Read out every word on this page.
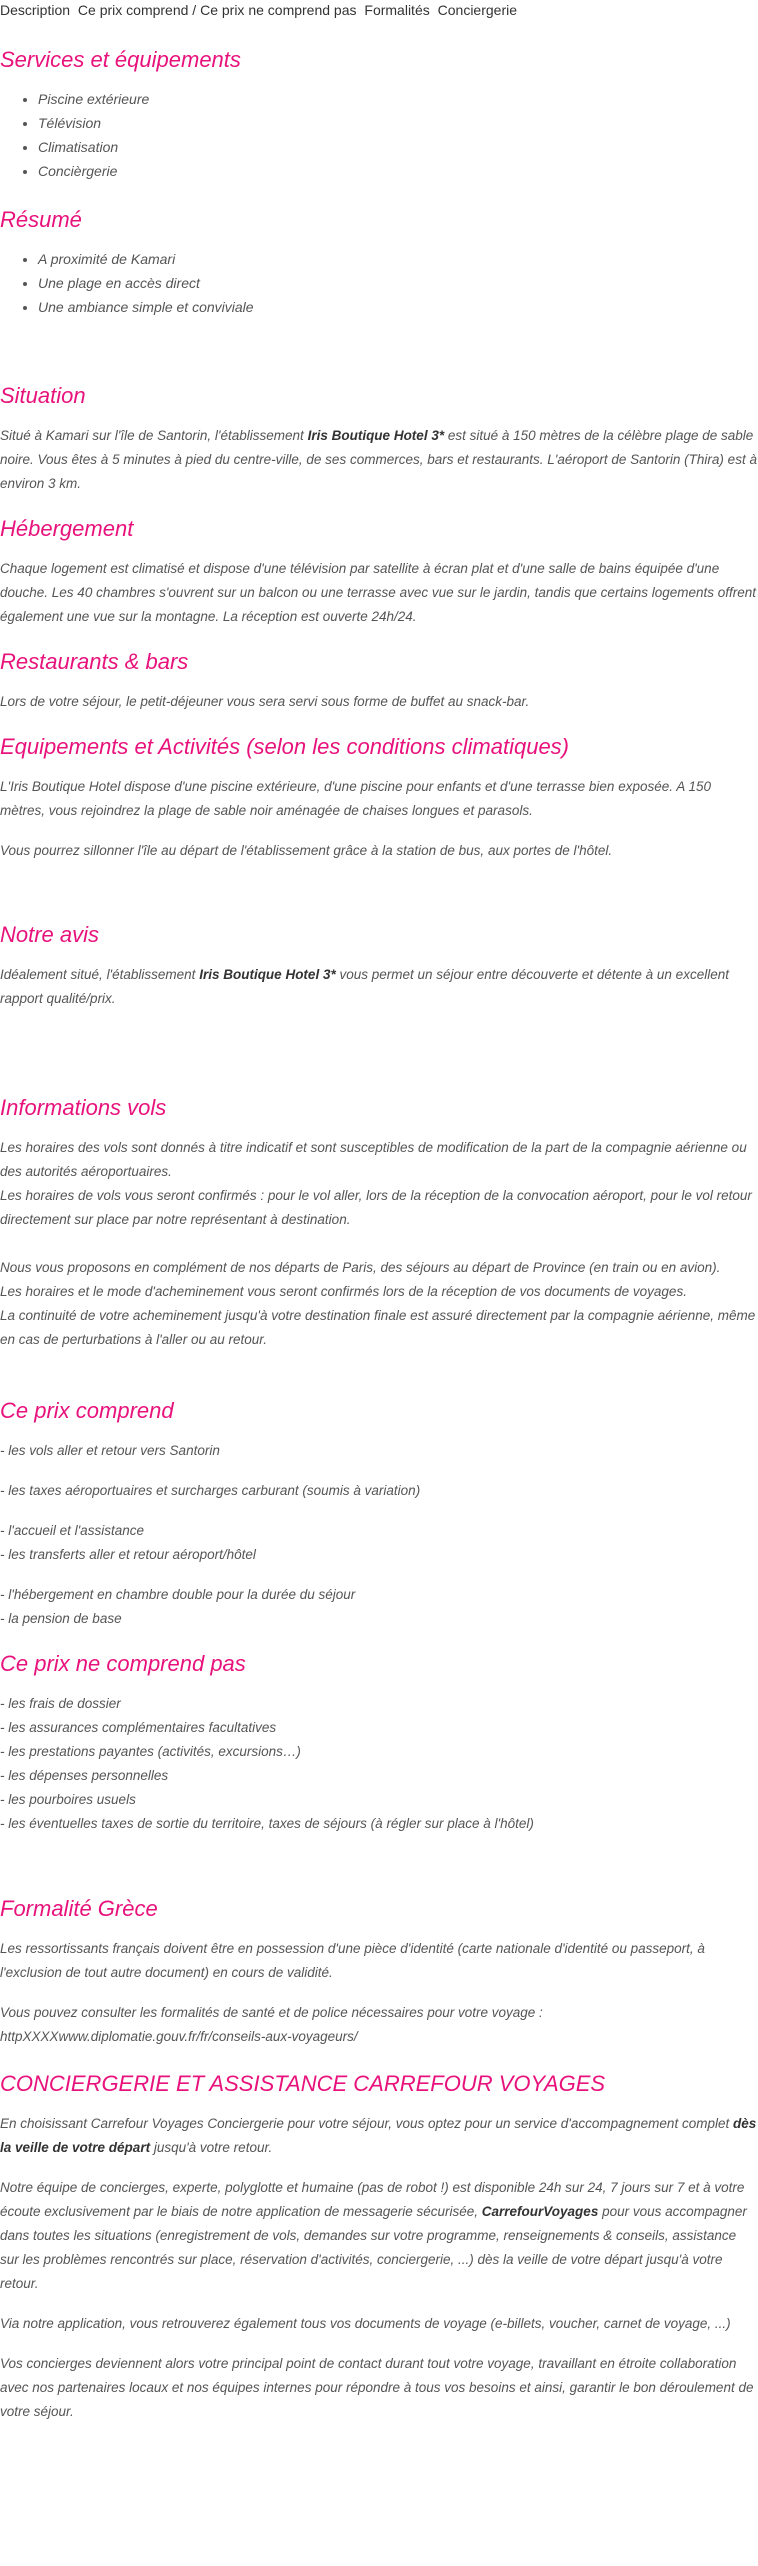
Description Ce prix comprend / Ce prix ne comprend pas Formalités Conciergerie
Services et équipements
• Piscine extérieure
• Télévision
• Climatisation
• Concièrgerie
Résumé
• A proximité de Kamari
• Une plage en accès direct
• Une ambiance simple et conviviale
Situation

Situé à Kamari sur l'île de Santorin, l'établissement Iris Boutique Hotel 3* est situé à 150 mètres de la célèbre plage de sable noire. Vous êtes à 5 minutes à pied du centre-ville, de ses commerces, bars et restaurants. L'aéroport de Santorin (Thira) est à environ 3 km.

Hébergement

Chaque logement est climatisé et dispose d'une télévision par satellite à écran plat et d'une salle de bains équipée d'une douche. Les 40 chambres s'ouvrent sur un balcon ou une terrasse avec vue sur le jardin, tandis que certains logements offrent également une vue sur la montagne. La réception est ouverte 24h/24.

Restaurants & bars

Lors de votre séjour, le petit-déjeuner vous sera servi sous forme de buffet au snack-bar.

Equipements et Activités (selon les conditions climatiques)

L'Iris Boutique Hotel dispose d'une piscine extérieure, d'une piscine pour enfants et d'une terrasse bien exposée. A 150 mètres, vous rejoindrez la plage de sable noir aménagée de chaises longues et parasols.

Vous pourrez sillonner l'île au départ de l'établissement grâce à la station de bus, aux portes de l'hôtel.

Notre avis

Idéalement situé, l'établissement Iris Boutique Hotel 3* vous permet un séjour entre découverte et détente à un excellent rapport qualité/prix.

Informations vols

Les horaires des vols sont donnés à titre indicatif et sont susceptibles de modification de la part de la compagnie aérienne ou des autorités aéroportuaires.
Les horaires de vols vous seront confirmés : pour le vol aller, lors de la réception de la convocation aéroport, pour le vol retour directement sur place par notre représentant à destination.

Nous vous proposons en complément de nos départs de Paris, des séjours au départ de Province (en train ou en avion).
Les horaires et le mode d'acheminement vous seront confirmés lors de la réception de vos documents de voyages.
La continuité de votre acheminement jusqu'à votre destination finale est assuré directement par la compagnie aérienne, même en cas de perturbations à l'aller ou au retour.

Ce prix comprend

- les vols aller et retour vers Santorin

- les taxes aéroportuaires et surcharges carburant (soumis à variation)

- l'accueil et l'assistance
- les transferts aller et retour aéroport/hôtel

- l'hébergement en chambre double pour la durée du séjour
- la pension de base

Ce prix ne comprend pas

- les frais de dossier
- les assurances complémentaires facultatives
- les prestations payantes (activités, excursions…)
- les dépenses personnelles
- les pourboires usuels
- les éventuelles taxes de sortie du territoire, taxes de séjours (à régler sur place à l'hôtel)

Formalité Grèce

Les ressortissants français doivent être en possession d'une pièce d'identité (carte nationale d'identité ou passeport, à l'exclusion de tout autre document) en cours de validité.

Vous pouvez consulter les formalités de santé et de police nécessaires pour votre voyage :
httpXXXXwww.diplomatie.gouv.fr/fr/conseils-aux-voyageurs/

CONCIERGERIE ET ASSISTANCE CARREFOUR VOYAGES

En choisissant Carrefour Voyages Conciergerie pour votre séjour, vous optez pour un service d'accompagnement complet dès la veille de votre départ jusqu'à votre retour.

Notre équipe de concierges, experte, polyglotte et humaine (pas de robot !) est disponible 24h sur 24, 7 jours sur 7 et à votre écoute exclusivement par le biais de notre application de messagerie sécurisée, CarrefourVoyages pour vous accompagner dans toutes les situations (enregistrement de vols, demandes sur votre programme, renseignements & conseils, assistance sur les problèmes rencontrés sur place, réservation d'activités, conciergerie, ...) dès la veille de votre départ jusqu'à votre retour.

Via notre application, vous retrouverez également tous vos documents de voyage (e-billets, voucher, carnet de voyage, ...)

Vos concierges deviennent alors votre principal point de contact durant tout votre voyage, travaillant en étroite collaboration avec nos partenaires locaux et nos équipes internes pour répondre à tous vos besoins et ainsi, garantir le bon déroulement de votre séjour.
